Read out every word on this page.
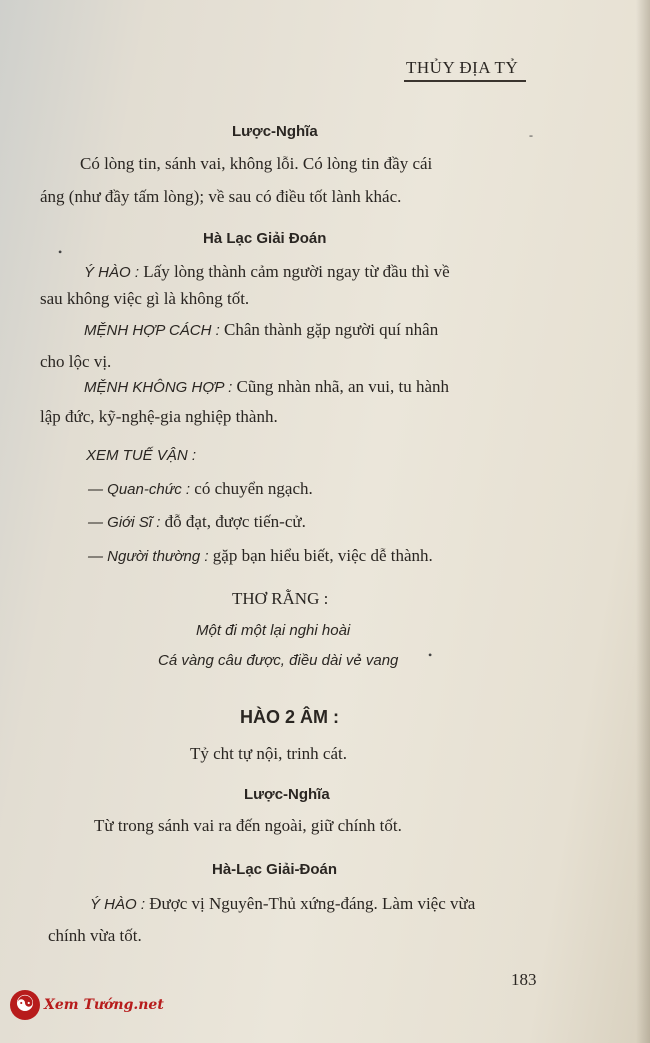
THỦY ĐỊA TỶ
Lược-Nghĩa
Có lòng tin, sánh vai, không lỗi. Có lòng tin đầy cái
áng (như đầy tấm lòng); về sau có điều tốt lành khác.
Hà Lạc Giải Đoán
Ý HÀO : Lấy lòng thành cảm người ngay từ đầu thì về
sau không việc gì là không tốt.
MỆNH HỢP CÁCH : Chân thành gặp người quí nhân
cho lộc vị.
MỆNH KHÔNG HỢP : Cũng nhàn nhã, an vui, tu hành
lập đức, kỹ-nghệ-gia nghiệp thành.
XEM TUẾ VẬN :
— Quan-chức : có chuyển ngạch.
— Giới Sĩ : đỗ đạt, được tiến-cử.
— Người thường : gặp bạn hiểu biết, việc dễ thành.
THƠ RẰNG :
Một đi một lại nghi hoài
Cá vàng câu được, điều dài vẻ vang
HÀO 2 ÂM :
Tỷ cht tự nội, trinh cát.
Lược-Nghĩa
Từ trong sánh vai ra đến ngoài, giữ chính tốt.
Hà-Lạc Giải-Đoán
Ý HÀO : Được vị Nguyên-Thủ xứng-đáng. Làm việc vừa
chính vừa tốt.
-
•
•
183
☯ Xem Tướng.net
